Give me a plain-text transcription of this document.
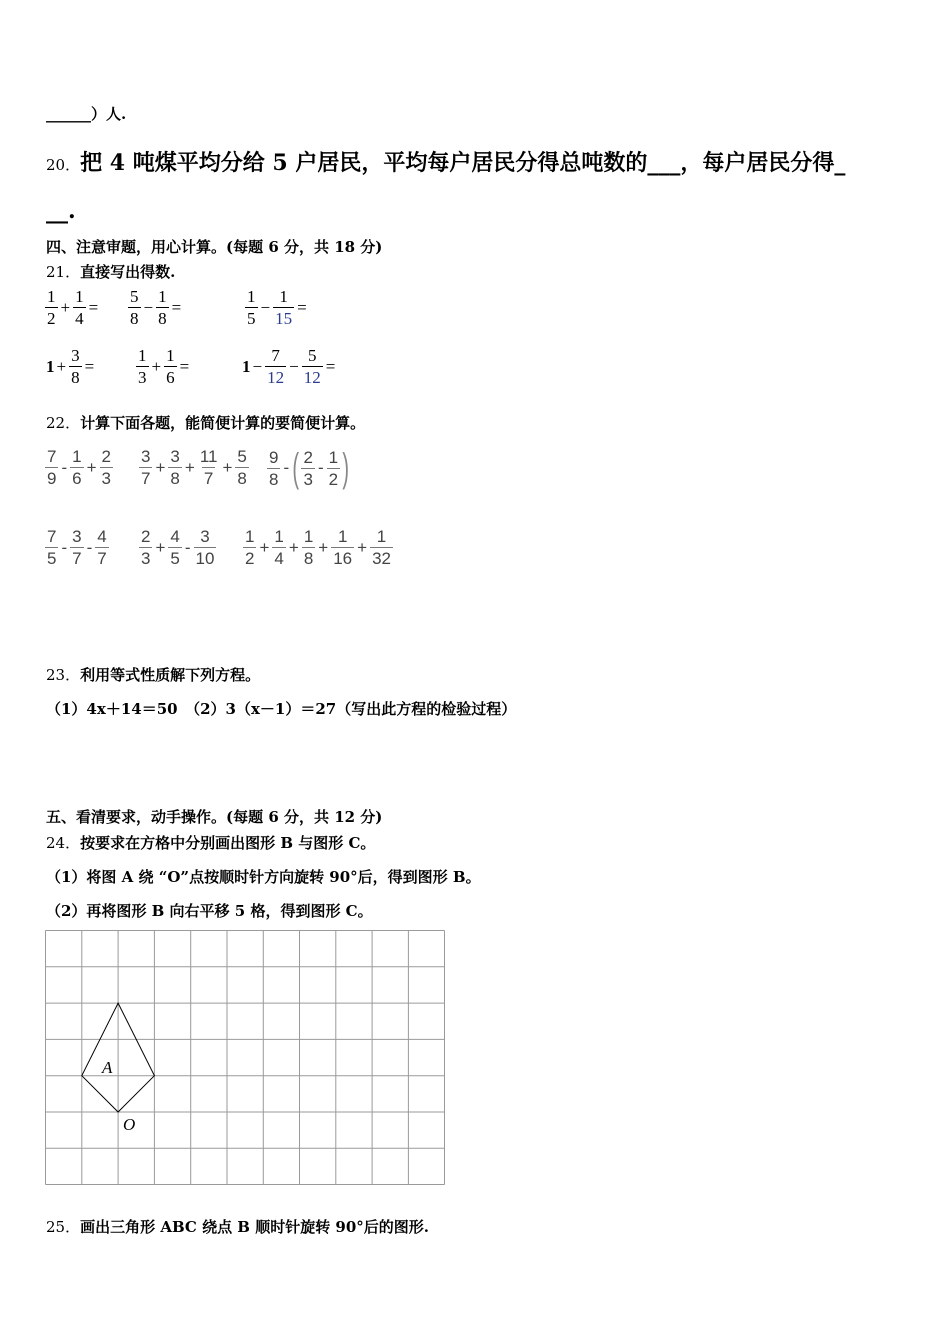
______）人.
20．把 4 吨煤平均分给 5 户居民，平均每户居民分得总吨数的___，每户居民分得_
__.
四、注意审题，用心计算。(每题 6 分，共 18 分)
21．直接写出得数.
$\frac{1}{2} + \frac{1}{4} = \frac{5}{8} - \frac{1}{8}$ =	$\frac{1}{5} - \frac{1}{15}$ =
$1 + \frac{3}{8} = \frac{1}{3} + \frac{1}{6}$ =	$1 - \frac{7}{12} - \frac{5}{12}$ =
22．计算下面各题，能简便计算的要简便计算。
$\frac{7}{9} - \frac{1}{6} + \frac{2}{3} \frac{3}{7} + \frac{3}{8} + \frac{11}{7} + \frac{5}{8} \frac{9}{8}$ - ( $\frac{2}{3} - \frac{1}{2}$ )
$\frac{7}{5} - \frac{3}{7} - \frac{4}{7} \frac{2}{3} + \frac{4}{5} - \frac{3}{10} \frac{1}{2} + \frac{1}{4} + \frac{1}{8} + \frac{1}{16} + \frac{1}{32}$
23．利用等式性质解下列方程。
（1）4x＋14＝50　（2）3（x－1）＝27（写出此方程的检验过程）
五、看清要求，动手操作。(每题 6 分，共 12 分)
24．按要求在方格中分别画出图形 B 与图形 C。
（1）将图 A 绕 “O”点按顺时针方向旋转 90°后，得到图形 B。
（2）再将图形 B 向右平移 5 格，得到图形 C。
A
O
25．画出三角形 ABC 绕点 B 顺时针旋转 90°后的图形.
